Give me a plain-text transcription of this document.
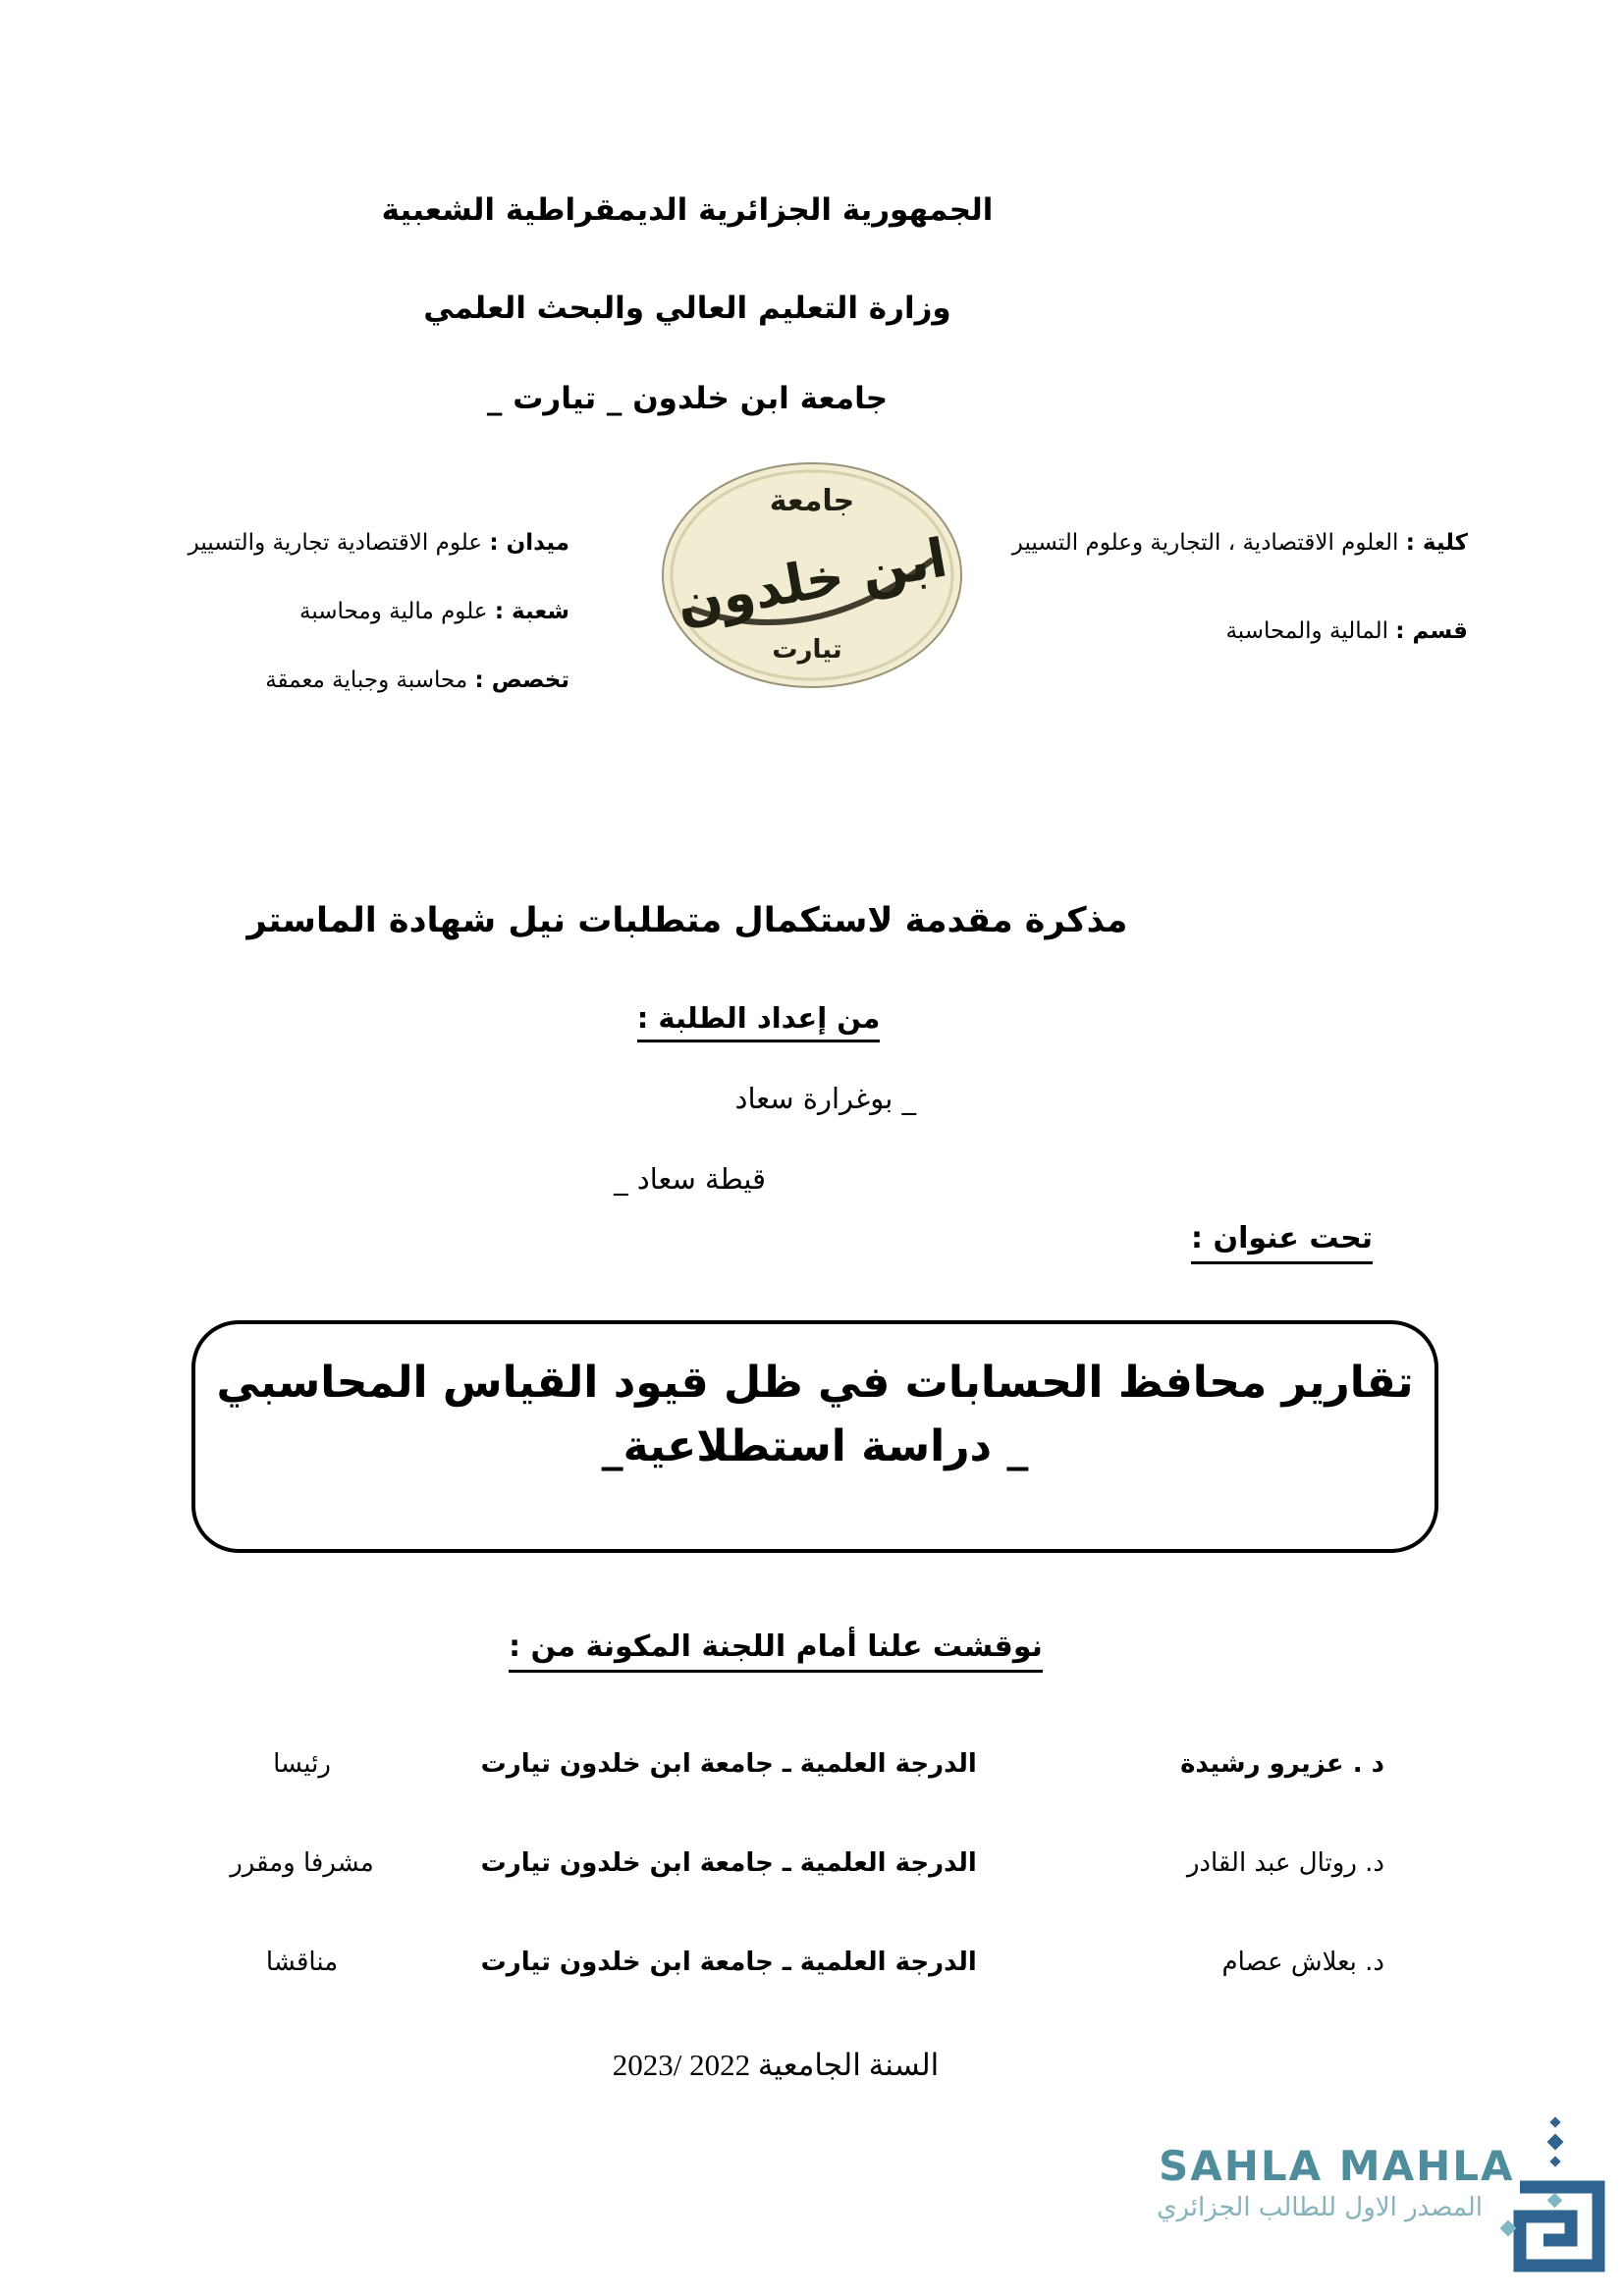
الجمهورية الجزائرية الديمقراطية الشعبية
وزارة التعليم العالي والبحث العلمي
جامعة ابن خلدون _ تيارت _
كلية : العلوم الاقتصادية ، التجارية وعلوم التسيير
قسم : المالية والمحاسبة
ميدان : علوم الاقتصادية تجارية والتسيير
شعبة : علوم مالية ومحاسبة
تخصص : محاسبة وجباية معمقة
جامعة
ابن خلدون
تيارت
مذكرة مقدمة لاستكمال متطلبات نيل شهادة الماستر
من إعداد الطلبة :
_ بوغرارة سعاد
قيطة سعاد _
تحت عنوان :
تقارير محافظ الحسابات في ظل قيود القياس المحاسبي
_ دراسة استطلاعية_
نوقشت علنا أمام اللجنة المكونة من :
د . عزيرو رشيدة
الدرجة العلمية ـ جامعة ابن خلدون تيارت
رئيسا
د. روتال عبد القادر
الدرجة العلمية ـ جامعة ابن خلدون تيارت
مشرفا ومقرر
د. بعلاش عصام
الدرجة العلمية ـ جامعة ابن خلدون تيارت
مناقشا
السنة الجامعية 2022 /2023
SAHLA MAHLA
المصدر الاول للطالب الجزائري
